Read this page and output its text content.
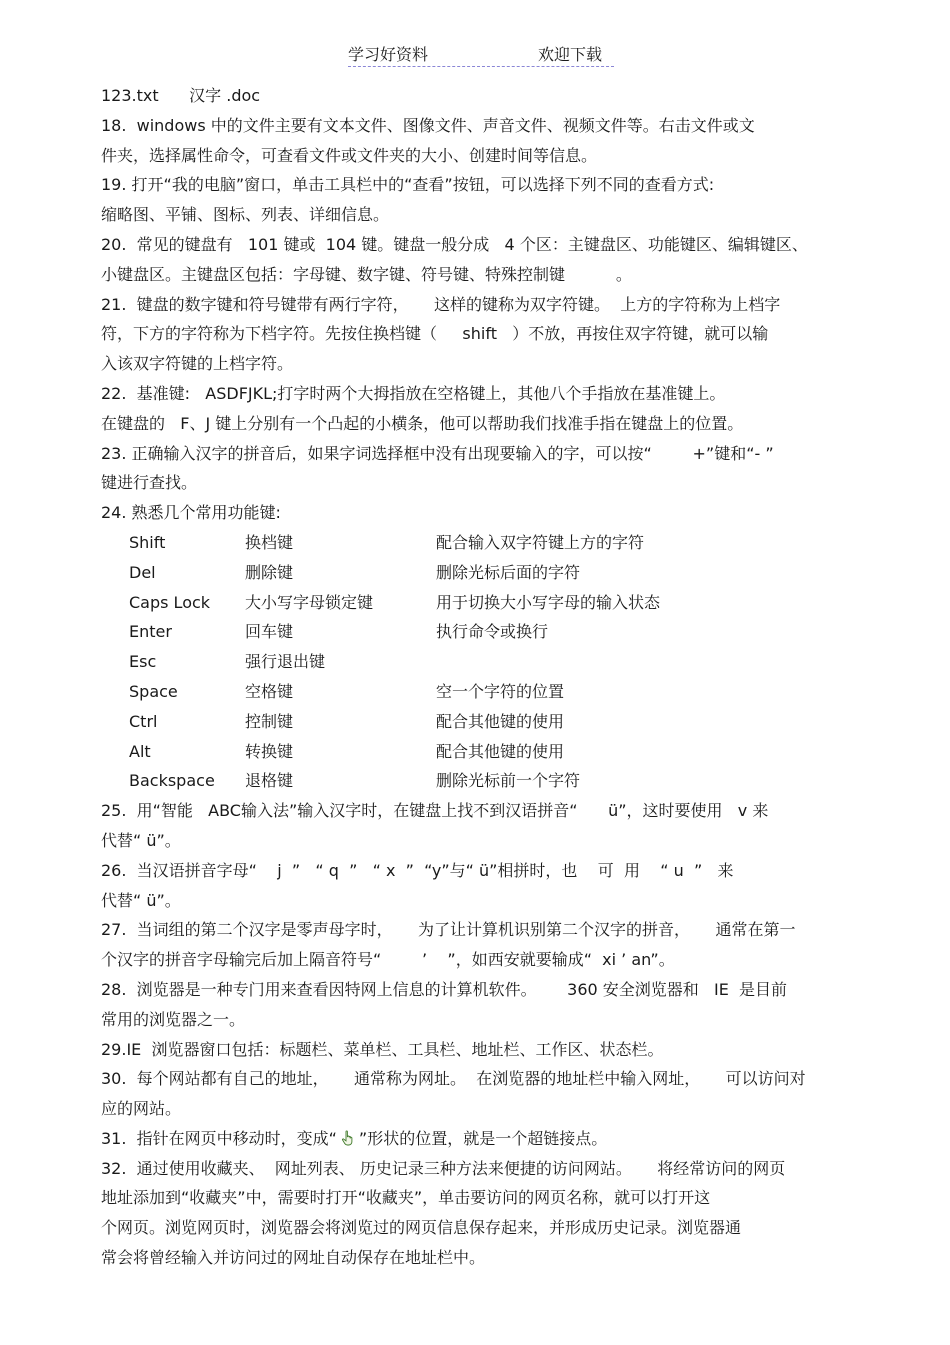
学习好资料	欢迎下载
123.txt      汉字 .doc
18.  windows 中的文件主要有文本文件、图像文件、声音文件、视频文件等。右击文件或文
件夹，选择属性命令，可查看文件或文件夹的大小、创建时间等信息。
19. 打开“我的电脑”窗口，单击工具栏中的“查看”按钮，可以选择下列不同的查看方式:
缩略图、平铺、图标、列表、详细信息。
20.  常见的键盘有   101 键或  104 键。键盘一般分成   4 个区：主键盘区、功能键区、编辑键区、
小键盘区。主键盘区包括：字母键、数字键、符号键、特殊控制键          。
21.  键盘的数字键和符号键带有两行字符，     这样的键称为双字符键。  上方的字符称为上档字
符，下方的字符称为下档字符。先按住换档键（     shift   ）不放，再按住双字符键，就可以输
入该双字符键的上档字符。
22.  基准键:   ASDFJKL;打字时两个大拇指放在空格键上，其他八个手指放在基准键上。
在键盘的   F、J 键上分别有一个凸起的小横条，他可以帮助我们找准手指在键盘上的位置。
23. 正确输入汉字的拼音后，如果字词选择框中没有出现要输入的字，可以按“        +”键和“- ”
键进行查找。
24. 熟悉几个常用功能键:
Shift	换档键	配合输入双字符键上方的字符
Del	删除键	删除光标后面的字符
Caps Lock 大小写字母锁定键	用于切换大小写字母的输入状态
Enter	回车键	执行命令或换行
Esc	强行退出键
Space	空格键	空一个字符的位置
Ctrl	控制键	配合其他键的使用
Alt	转换键	配合其他键的使用
Backspace 退格键	删除光标前一个字符
25.  用“智能   ABC输入法”输入汉字时，在键盘上找不到汉语拼音“      ü”，这时要使用   v 来
代替“ ü”。
26.  当汉语拼音字母“    j  ”   “ q  ”   “ x  ”  “y”与“ ü”相拼时，也    可  用    “ u  ”   来
代替“ ü”。
27.  当词组的第二个汉字是零声母字时，     为了让计算机识别第二个汉字的拼音，     通常在第一
个汉字的拼音字母输完后加上隔音符号“        ’    ”，如西安就要输成“  xi ’ an”。
28.  浏览器是一种专门用来查看因特网上信息的计算机软件。      360 安全浏览器和   IE  是目前
常用的浏览器之一。
29.IE  浏览器窗口包括：标题栏、菜单栏、工具栏、地址栏、工作区、状态栏。
30.  每个网站都有自己的地址，     通常称为网址。  在浏览器的地址栏中输入网址，     可以访问对
应的网站。
31.  指针在网页中移动时，变成“ ”形状的位置，就是一个超链接点。
32.  通过使用收藏夹、  网址列表、 历史记录三种方法来便捷的访问网站。     将经常访问的网页
地址添加到“收藏夹”中，需要时打开“收藏夹”，单击要访问的网页名称，就可以打开这
个网页。浏览网页时，浏览器会将浏览过的网页信息保存起来，并形成历史记录。浏览器通
常会将曾经输入并访问过的网址自动保存在地址栏中。
